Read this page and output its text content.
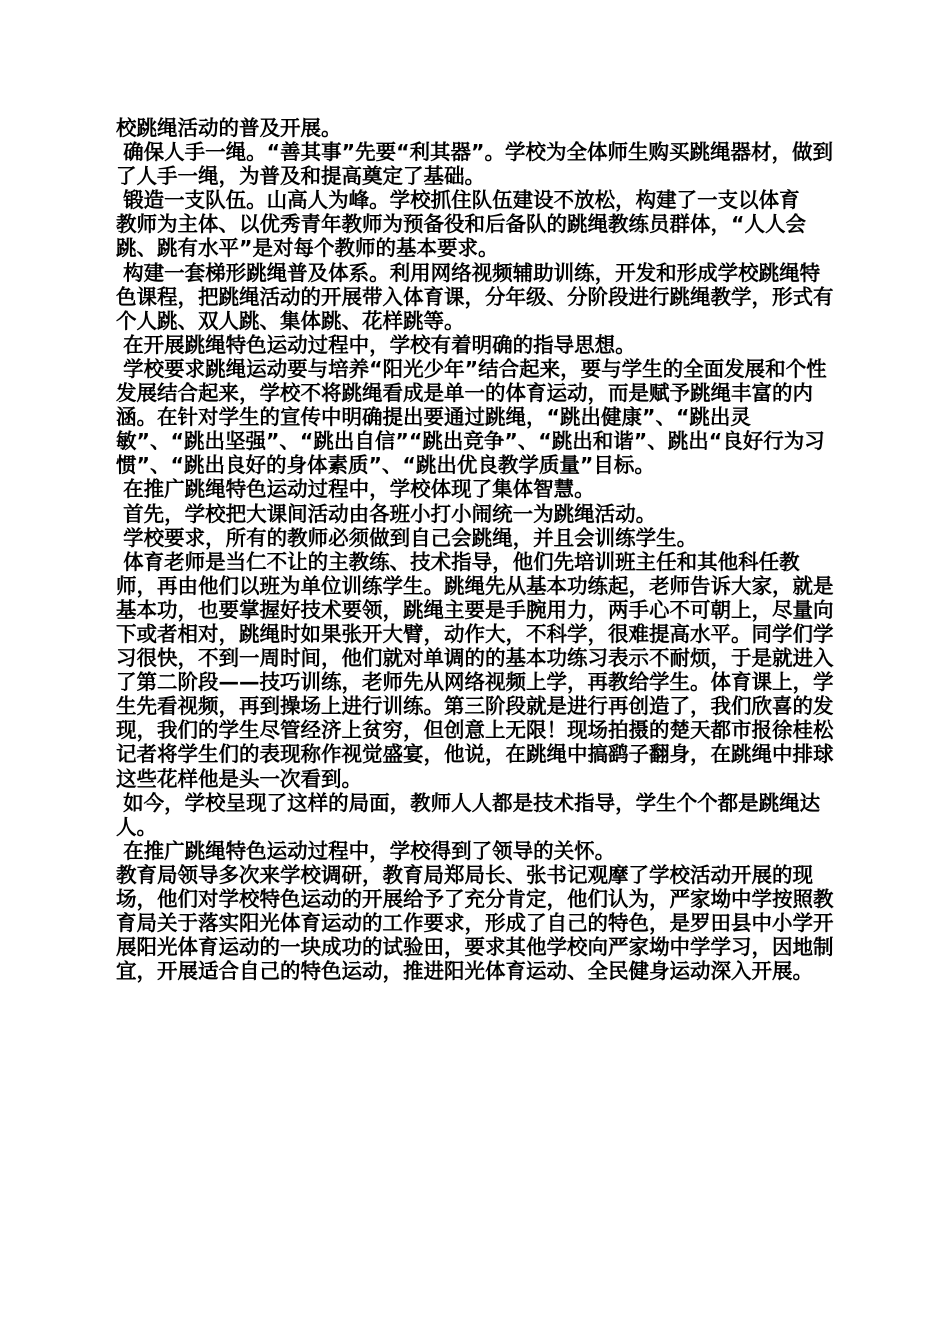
校跳绳活动的普及开展。

确保人手一绳。“善其事”先要“利其器”。学校为全体师生购买跳绳器材，做到了人手一绳，为普及和提高奠定了基础。

锻造一支队伍。山高人为峰。学校抓住队伍建设不放松，构建了一支以体育

教师为主体、以优秀青年教师为预备役和后备队的跳绳教练员群体，“人人会跳、跳有水平”是对每个教师的基本要求。

构建一套梯形跳绳普及体系。利用网络视频辅助训练，开发和形成学校跳绳特色课程，把跳绳活动的开展带入体育课，分年级、分阶段进行跳绳教学，形式有个人跳、双人跳、集体跳、花样跳等。

在开展跳绳特色运动过程中，学校有着明确的指导思想。

学校要求跳绳运动要与培养“阳光少年”结合起来，要与学生的全面发展和个性发展结合起来，学校不将跳绳看成是单一的体育运动，而是赋予跳绳丰富的内涵。在针对学生的宣传中明确提出要通过跳绳，“跳出健康”、“跳出灵敏”、“跳出坚强”、“跳出自信”“跳出竞争”、“跳出和谐”、跳出“良好行为习惯”、“跳出良好的身体素质”、“跳出优良教学质量”目标。

在推广跳绳特色运动过程中，学校体现了集体智慧。

首先，学校把大课间活动由各班小打小闹统一为跳绳活动。

学校要求，所有的教师必须做到自己会跳绳，并且会训练学生。

体育老师是当仁不让的主教练、技术指导，他们先培训班主任和其他科任教师，再由他们以班为单位训练学生。跳绳先从基本功练起，老师告诉大家，就是基本功，也要掌握好技术要领，跳绳主要是手腕用力，两手心不可朝上，尽量向下或者相对，跳绳时如果张开大臂，动作大，不科学，很难提高水平。同学们学习很快，不到一周时间，他们就对单调的的基本功练习表示不耐烦，于是就进入了第二阶段——技巧训练，老师先从网络视频上学，再教给学生。体育课上，学生先看视频，再到操场上进行训练。第三阶段就是进行再创造了，我们欣喜的发现，我们的学生尽管经济上贫穷，但创意上无限！现场拍摄的楚天都市报徐桂松记者将学生们的表现称作视觉盛宴，他说，在跳绳中搞鹞子翻身，在跳绳中排球这些花样他是头一次看到。

如今，学校呈现了这样的局面，教师人人都是技术指导，学生个个都是跳绳达人。

在推广跳绳特色运动过程中，学校得到了领导的关怀。

教育局领导多次来学校调研，教育局郑局长、张书记观摩了学校活动开展的现场，他们对学校特色运动的开展给予了充分肯定，他们认为，严家坳中学按照教育局关于落实阳光体育运动的工作要求，形成了自己的特色，是罗田县中小学开展阳光体育运动的一块成功的试验田，要求其他学校向严家坳中学学习，因地制宜，开展适合自己的特色运动，推进阳光体育运动、全民健身运动深入开展。
